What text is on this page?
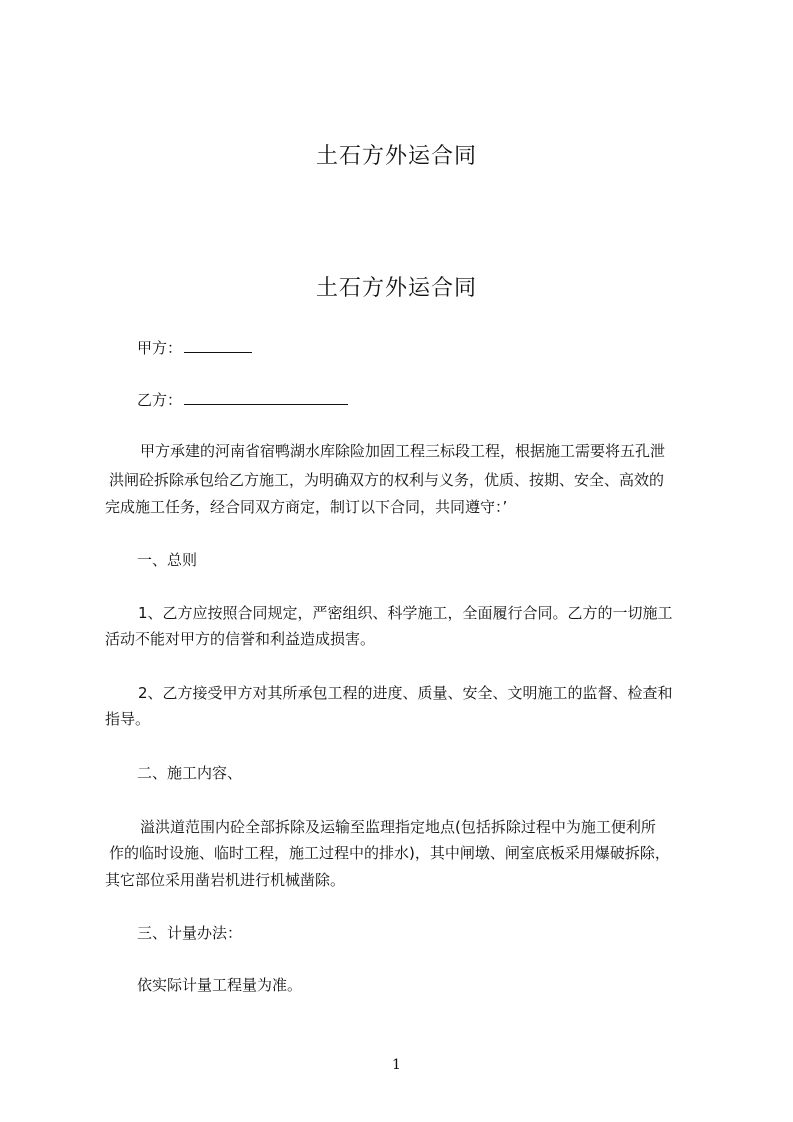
土石方外运合同
土石方外运合同

甲方：

乙方：

甲方承建的河南省宿鸭湖水库除险加固工程三标段工程，根据施工需要将五孔泄

洪闸砼拆除承包给乙方施工，为明确双方的权利与义务，优质、按期、安全、高效的

完成施工任务，经合同双方商定，制订以下合同，共同遵守：’

一、总则

1、乙方应按照合同规定，严密组织、科学施工，全面履行合同。乙方的一切施工

活动不能对甲方的信誉和利益造成损害。

2、乙方接受甲方对其所承包工程的进度、质量、安全、文明施工的监督、检查和

指导。

二、施工内容、

溢洪道范围内砼全部拆除及运输至监理指定地点(包括拆除过程中为施工便利所

作的临时设施、临时工程，施工过程中的排水)，其中闸墩、闸室底板采用爆破拆除，

其它部位采用凿岩机进行机械凿除。

三、计量办法：

依实际计量工程量为准。

1
